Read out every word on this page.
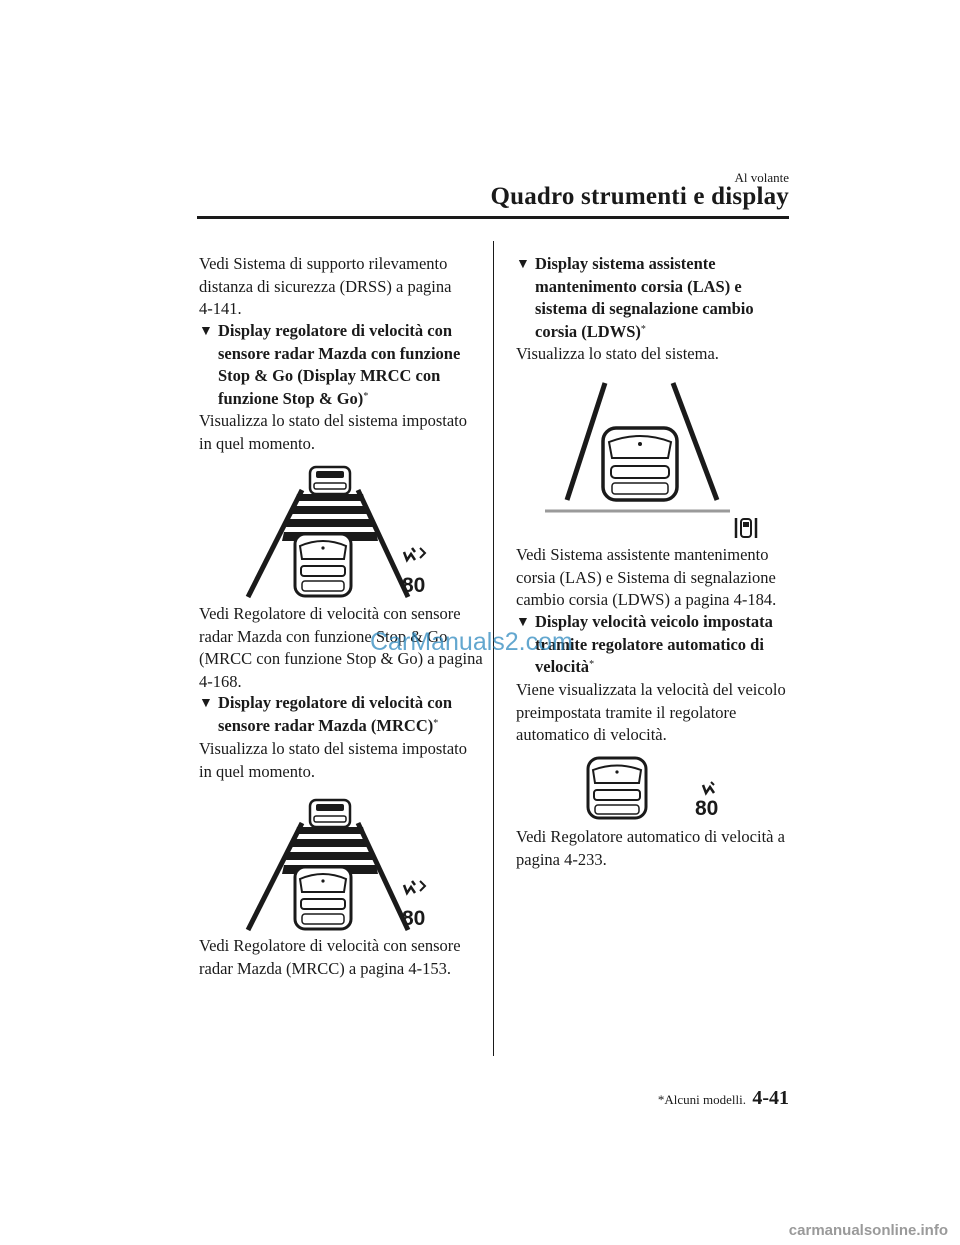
Al volante
Quadro strumenti e display
Vedi Sistema di supporto rilevamento
distanza di sicurezza (DRSS) a pagina
4-141.
▼ Display regolatore di velocità con
sensore radar Mazda con funzione
Stop & Go (Display MRCC con
funzione Stop & Go)*
Visualizza lo stato del sistema impostato
in quel momento.
80
Vedi Regolatore di velocità con sensore
radar Mazda con funzione Stop & Go
(MRCC con funzione Stop & Go) a pagina
4-168.
▼ Display regolatore di velocità con
sensore radar Mazda (MRCC)*
Visualizza lo stato del sistema impostato
in quel momento.
80
Vedi Regolatore di velocità con sensore
radar Mazda (MRCC) a pagina 4-153.
▼ Display sistema assistente
mantenimento corsia (LAS) e
sistema di segnalazione cambio
corsia (LDWS)*
Visualizza lo stato del sistema.
Vedi Sistema assistente mantenimento
corsia (LAS) e Sistema di segnalazione
cambio corsia (LDWS) a pagina 4-184.
▼ Display velocità veicolo impostata
tramite regolatore automatico di
velocità*
Viene visualizzata la velocità del veicolo
preimpostata tramite il regolatore
automatico di velocità.
80
Vedi Regolatore automatico di velocità a
pagina 4-233.
CarManuals2.com
*Alcuni modelli. 4-41
carmanualsonline.info
